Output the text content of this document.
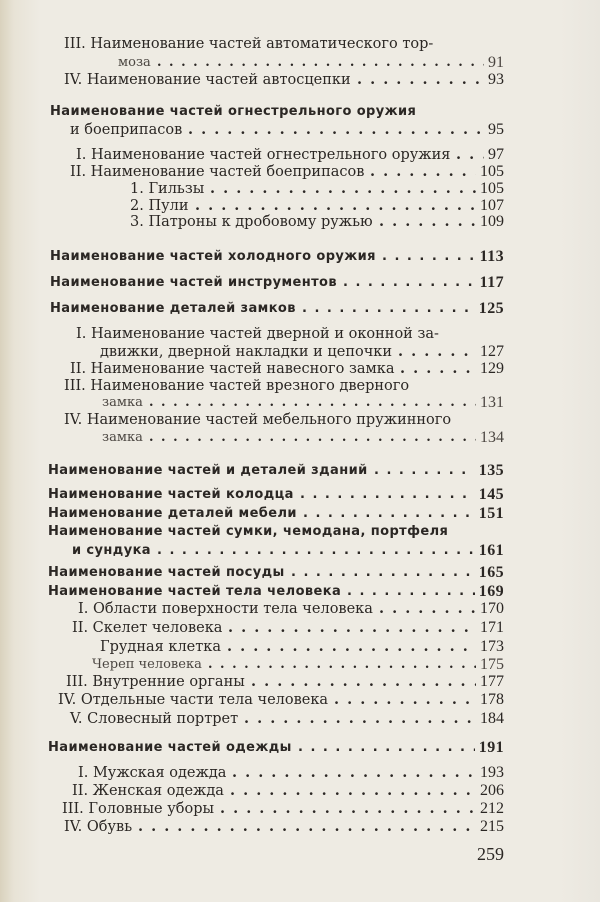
III. Наименование частей автоматического тор-
моза	91
. . .
IV. Наименование частей автосцепки	93
. . .
Наименование частей огнестрельного оружия
и боеприпасов	95
. . .
I. Наименование частей огнестрельного оружия 97
. . .
II. Наименование частей боеприпасов	105
. . .
1. Гильзы	105
. . .
2. Пули	107
. . .
3. Патроны к дробовому ружью	109
. . .
Наименование частей холодного оружия	113
. . .
Наименование частей инструментов	117
. . .
Наименование деталей замков	125
. . .
I. Наименование частей дверной и оконной за-
движки, дверной накладки и цепочки	127
. . .
II. Наименование частей навесного замка	129
. . .
III. Наименование частей врезного дверного
замка	131
. . .
IV. Наименование частей мебельного пружинного
замка	134
. . .
Наименование частей и деталей зданий	135
. . .
Наименование частей колодца	145
. . .
Наименование деталей мебели	151
. . .
Наименование частей сумки, чемодана, портфеля
и сундука	161
. . .
Наименование частей посуды	165
. . .
Наименование частей тела человека	169
. . .
I. Области поверхности тела человека	170
. . .
II. Скелет человека	171
. . .
Грудная клетка	173
. . .
Череп человека	175
. . .
III. Внутренние органы	177
. . .
IV. Отдельные части тела человека	178
. . .
V. Словесный портрет	184
. . .
Наименование частей одежды	191
. . .
I. Мужская одежда	193
. . .
II. Женская одежда	206
. . .
III. Головные уборы	212
. . .
IV. Обувь	215
. . .
259
